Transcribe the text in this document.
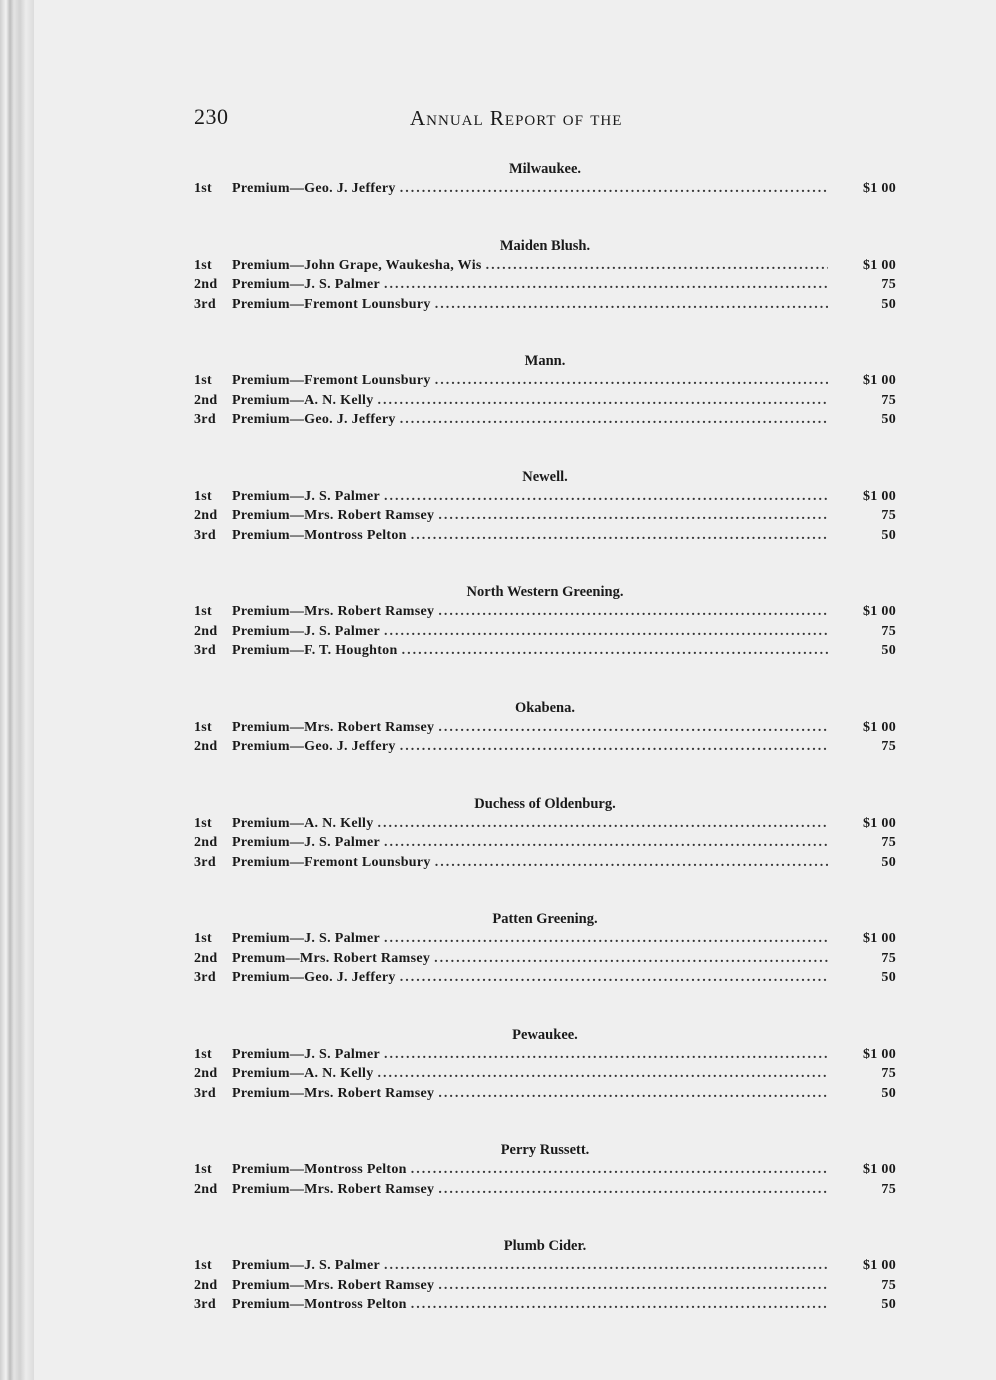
230	Annual Report of the
Milwaukee.
1st	Premium—Geo. J. Jeffery .....	$1 00
Maiden Blush.
1st	Premium—John Grape, Waukesha, Wis .....	$1 00
2nd	Premium—J. S. Palmer .....	75
3rd	Premium—Fremont Lounsbury .....	50
Mann.
1st	Premium—Fremont Lounsbury .....	$1 00
2nd	Premium—A. N. Kelly .....	75
3rd	Premium—Geo. J. Jeffery .....	50
Newell.
1st	Premium—J. S. Palmer .....	$1 00
2nd	Premium—Mrs. Robert Ramsey .....	75
3rd	Premium—Montross Pelton .....	50
North Western Greening.
1st	Premium—Mrs. Robert Ramsey .....	$1 00
2nd	Premium—J. S. Palmer .....	75
3rd	Premium—F. T. Houghton .....	50
Okabena.
1st	Premium—Mrs. Robert Ramsey .....	$1 00
2nd	Premium—Geo. J. Jeffery .....	75
Duchess of Oldenburg.
1st	Premium—A. N. Kelly .....	$1 00
2nd	Premium—J. S. Palmer .....	75
3rd	Premium—Fremont Lounsbury .....	50
Patten Greening.
1st	Premium—J. S. Palmer .....	$1 00
2nd	Premum—Mrs. Robert Ramsey .....	75
3rd	Premium—Geo. J. Jeffery .....	50
Pewaukee.
1st	Premium—J. S. Palmer .....	$1 00
2nd	Premium—A. N. Kelly .....	75
3rd	Premium—Mrs. Robert Ramsey .....	50
Perry Russett.
1st	Premium—Montross Pelton .....	$1 00
2nd	Premium—Mrs. Robert Ramsey .....	75
Plumb Cider.
1st	Premium—J. S. Palmer .....	$1 00
2nd	Premium—Mrs. Robert Ramsey .....	75
3rd	Premium—Montross Pelton .....	50
